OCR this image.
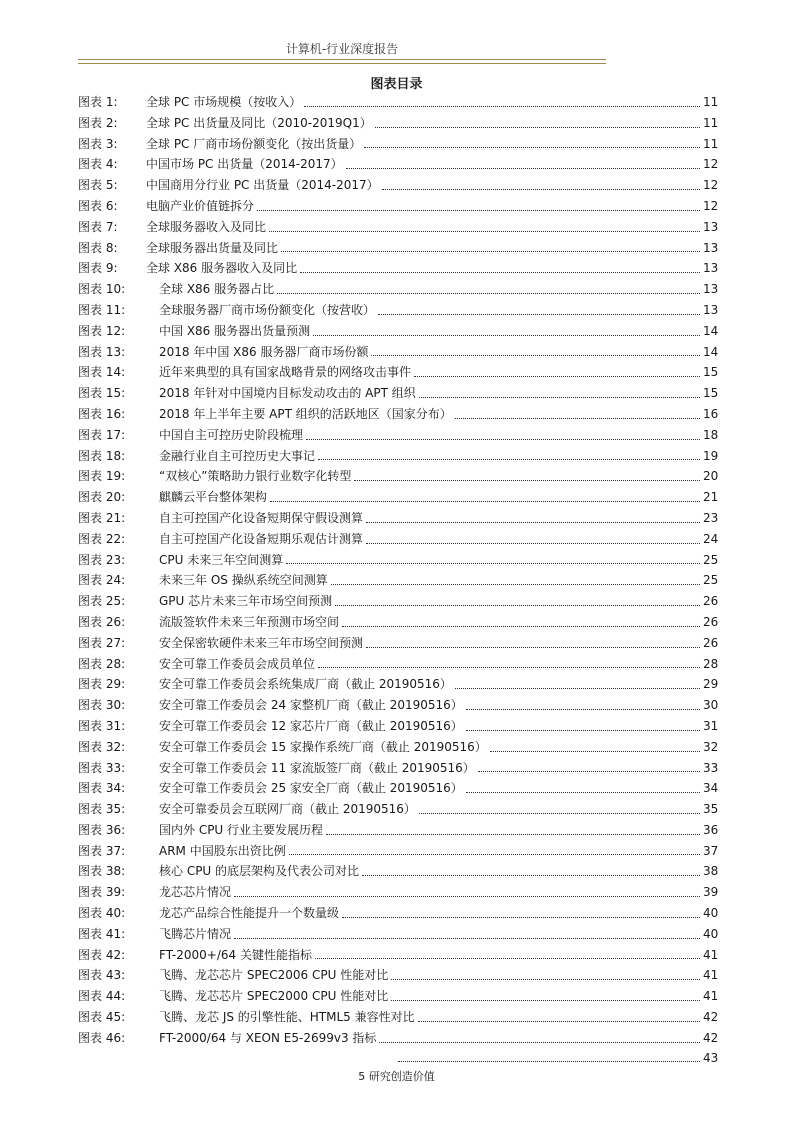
计算机-行业深度报告
图表目录
图表 1:	全球 PC 市场规模（按收入）	11
图表 2:	全球 PC 出货量及同比（2010-2019Q1）	11
图表 3:	全球 PC 厂商市场份额变化（按出货量）	11
图表 4:	中国市场 PC 出货量（2014-2017）	12
图表 5:	中国商用分行业 PC 出货量（2014-2017）	12
图表 6:	电脑产业价值链拆分	12
图表 7:	全球服务器收入及同比	13
图表 8:	全球服务器出货量及同比	13
图表 9:	全球 X86 服务器收入及同比	13
图表 10:	全球 X86 服务器占比	13
图表 11:	全球服务器厂商市场份额变化（按营收）	13
图表 12:	中国 X86 服务器出货量预测	14
图表 13:	2018 年中国 X86 服务器厂商市场份额	14
图表 14:	近年来典型的具有国家战略背景的网络攻击事件	15
图表 15:	2018 年针对中国境内目标发动攻击的 APT 组织	15
图表 16:	2018 年上半年主要 APT 组织的活跃地区（国家分布）	16
图表 17:	中国自主可控历史阶段梳理	18
图表 18:	金融行业自主可控历史大事记	19
图表 19:	“双核心”策略助力银行业数字化转型	20
图表 20:	麒麟云平台整体架构	21
图表 21:	自主可控国产化设备短期保守假设测算	23
图表 22:	自主可控国产化设备短期乐观估计测算	24
图表 23:	CPU 未来三年空间测算	25
图表 24:	未来三年 OS 操纵系统空间测算	25
图表 25:	GPU 芯片未来三年市场空间预测	26
图表 26:	流版签软件未来三年预测市场空间	26
图表 27:	安全保密软硬件未来三年市场空间预测	26
图表 28:	安全可靠工作委员会成员单位	28
图表 29:	安全可靠工作委员会系统集成厂商（截止 20190516）	29
图表 30:	安全可靠工作委员会 24 家整机厂商（截止 20190516）	30
图表 31:	安全可靠工作委员会 12 家芯片厂商（截止 20190516）	31
图表 32:	安全可靠工作委员会 15 家操作系统厂商（截止 20190516）	32
图表 33:	安全可靠工作委员会 11 家流版签厂商（截止 20190516）	33
图表 34:	安全可靠工作委员会 25 家安全厂商（截止 20190516）	34
图表 35:	安全可靠委员会互联网厂商（截止 20190516）	35
图表 36:	国内外 CPU 行业主要发展历程	36
图表 37:	ARM 中国股东出资比例	37
图表 38:	核心 CPU 的底层架构及代表公司对比	38
图表 39:	龙芯芯片情况	39
图表 40:	龙芯产品综合性能提升一个数量级	40
图表 41:	飞腾芯片情况	40
图表 42:	FT-2000+/64 关键性能指标	41
图表 43:	飞腾、龙芯芯片 SPEC2006 CPU 性能对比	41
图表 44:	飞腾、龙芯芯片 SPEC2000 CPU 性能对比	41
图表 45:	飞腾、龙芯 JS 的引擎性能、HTML5 兼容性对比	42
图表 46:	FT-2000/64 与 XEON E5-2699v3 指标	42
43
5 研究创造价值
